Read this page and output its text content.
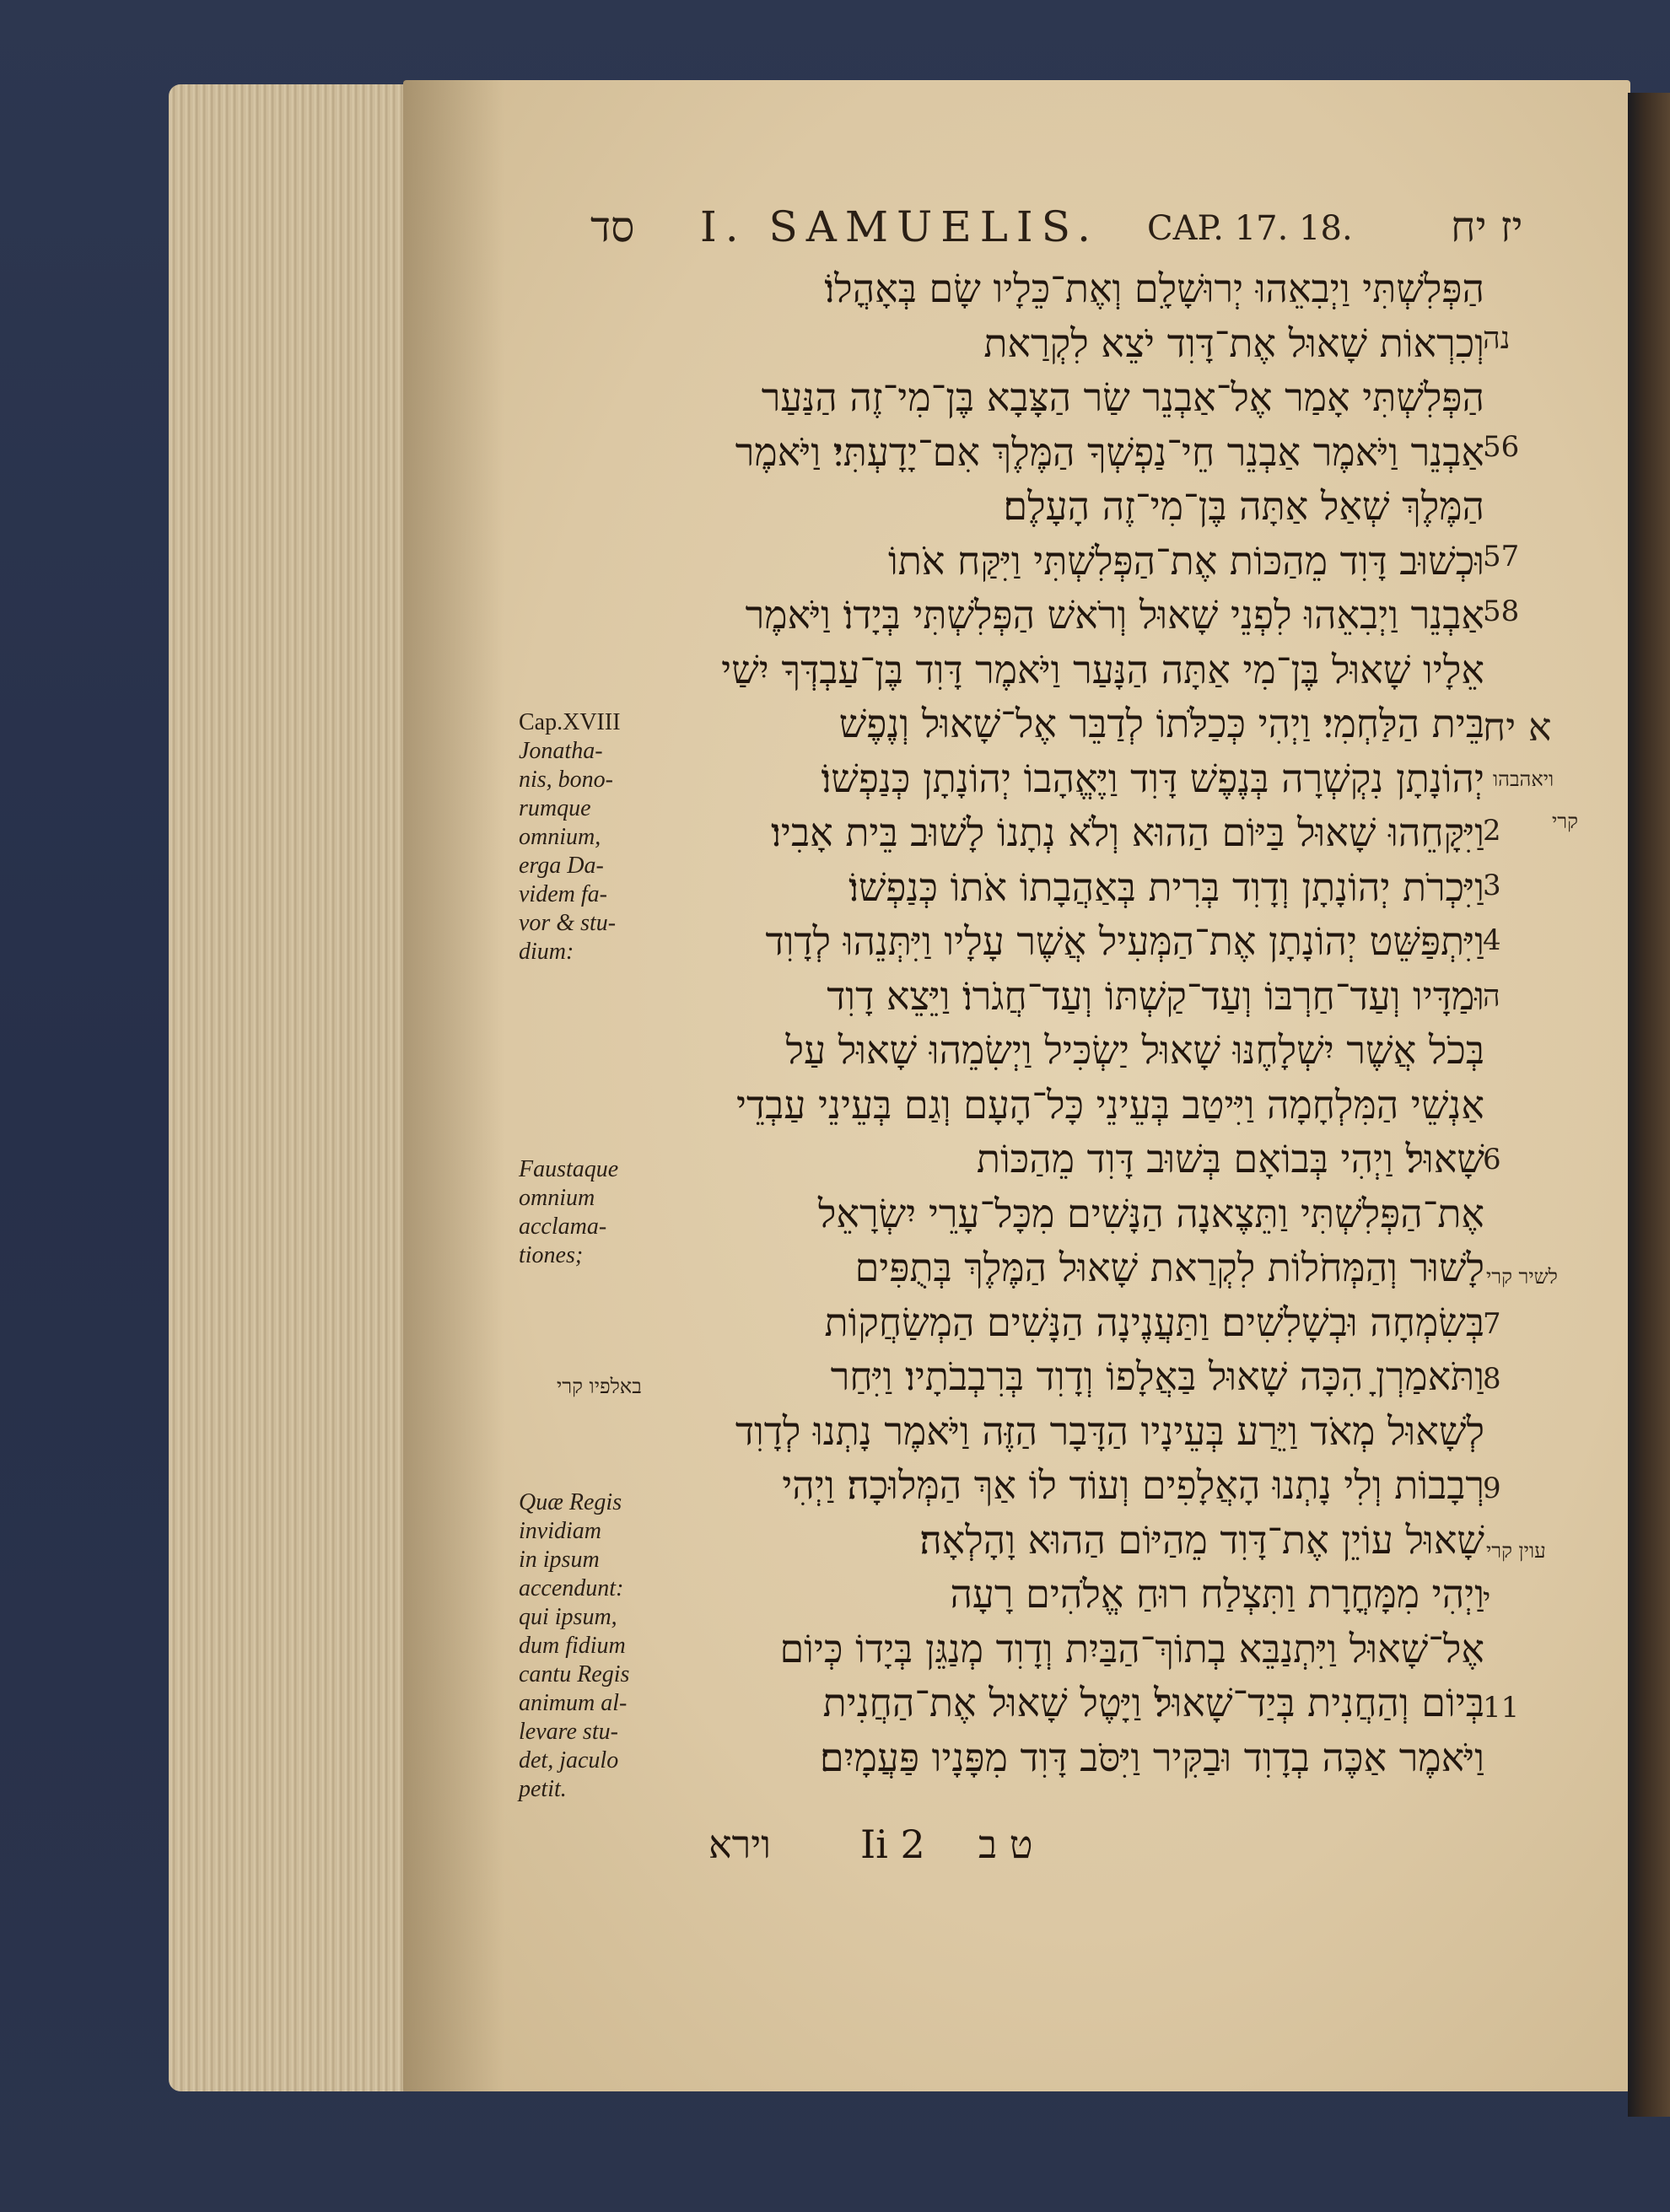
סד I. SAMUELIS. CAP. 17. 18. יז יח
הַפְּלִשְׁתִּי וַיְבִאֵהוּ יְרוּשָׁלִָם וְאֶת־כֵּלָיו שָׂם בְּאָהֳלוֹ׃
וְכִרְאוֹת שָׁאוּל אֶת־דָּוִד יֹצֵא לִקְרַאת
הַפְּלִשְׁתִּי אָמַר אֶל־אַבְנֵר שַׂר הַצָּבָא בֶּן־מִי־זֶה הַנַּעַר
אַבְנֵר וַיֹּאמֶר אַבְנֵר חֵי־נַפְשְׁךָ הַמֶּלֶךְ אִם־יָדָעְתִּי׃ וַיֹּאמֶר
הַמֶּלֶךְ שְׁאַל אַתָּה בֶּן־מִי־זֶה הָעָלֶם׃
וּכְשׁוּב דָּוִד מֵהַכּוֹת אֶת־הַפְּלִשְׁתִּי וַיִּקַּח אֹתוֹ
אַבְנֵר וַיְבִאֵהוּ לִפְנֵי שָׁאוּל וְרֹאשׁ הַפְּלִשְׁתִּי בְּיָדוֹ׃ וַיֹּאמֶר
אֵלָיו שָׁאוּל בֶּן־מִי אַתָּה הַנָּעַר וַיֹּאמֶר דָּוִד בֶּן־עַבְדְּךָ יִשַׁי
בֵּית הַלַּחְמִי׃ וַיְהִי כְּכַלֹּתוֹ לְדַבֵּר אֶל־שָׁאוּל וְנֶפֶשׁ
יְהוֹנָתָן נִקְשְׁרָה בְּנֶפֶשׁ דָּוִד וַיֶּאֱהָבוֹ יְהוֹנָתָן כְּנַפְשׁוֹ׃
וַיִּקָּחֵהוּ שָׁאוּל בַּיּוֹם הַהוּא וְלֹא נְתָנוֹ לָשׁוּב בֵּית אָבִיו׃
וַיִּכְרֹת יְהוֹנָתָן וְדָוִד בְּרִית בְּאַהֲבָתוֹ אֹתוֹ כְּנַפְשׁוֹ׃
וַיִּתְפַּשֵּׁט יְהוֹנָתָן אֶת־הַמְּעִיל אֲשֶׁר עָלָיו וַיִּתְּנֵהוּ לְדָוִד
וּמַדָּיו וְעַד־חַרְבּוֹ וְעַד־קַשְׁתּוֹ וְעַד־חֲגֹרוֹ׃ וַיֵּצֵא דָוִד
בְּכֹל אֲשֶׁר יִשְׁלָחֶנּוּ שָׁאוּל יַשְׂכִּיל וַיְשִׂמֵהוּ שָׁאוּל עַל
אַנְשֵׁי הַמִּלְחָמָה וַיִּיטַב בְּעֵינֵי כָּל־הָעָם וְגַם בְּעֵינֵי עַבְדֵי
שָׁאוּל׃ וַיְהִי בְּבוֹאָם בְּשׁוּב דָּוִד מֵהַכּוֹת
אֶת־הַפְּלִשְׁתִּי וַתֵּצֶאנָה הַנָּשִׁים מִכָּל־עָרֵי יִשְׂרָאֵל
לָשׁוּר וְהַמְּחֹלוֹת לִקְרַאת שָׁאוּל הַמֶּלֶךְ בְּתֻפִּים
בְּשִׂמְחָה וּבְשָׁלִשִׁים׃ וַתַּעֲנֶינָה הַנָּשִׁים הַמְשַׂחֲקוֹת
וַתֹּאמַרְןָ הִכָּה שָׁאוּל בַּאֲלָפוֹ וְדָוִד בְּרִבְבֹתָיו׃ וַיִּחַר
לְשָׁאוּל מְאֹד וַיֵּרַע בְּעֵינָיו הַדָּבָר הַזֶּה וַיֹּאמֶר נָתְנוּ לְדָוִד
רְבָבוֹת וְלִי נָתְנוּ הָאֲלָפִים וְעוֹד לוֹ אַךְ הַמְּלוּכָה׃ וַיְהִי
שָׁאוּל עוֹיֵן אֶת־דָּוִד מֵהַיּוֹם הַהוּא וָהָלְאָה׃
וַיְהִי מִמָּחֳרָת וַתִּצְלַח רוּחַ אֱלֹהִים רָעָה
אֶל־שָׁאוּל וַיִּתְנַבֵּא בְתוֹךְ־הַבַּיִת וְדָוִד מְנַגֵּן בְּיָדוֹ כְּיוֹם
בְּיוֹם וְהַחֲנִית בְּיַד־שָׁאוּל׃ וַיָּטֶל שָׁאוּל אֶת־הַחֲנִית
וַיֹּאמֶר אַכֶּה בְדָוִד וּבַקִּיר וַיִּסֹּב דָּוִד מִפָּנָיו פַּעֲמָיִם׃
נה
56
57
58
א יח
2
3
4
ה
6
7
8
9
י
11
ויאהבהו
קרי
לשיר קרי
באלפיו קרי
עוין קרי
Cap.XVIII
Jonatha-
nis, bono-
rumque
omnium,
erga Da-
videm fa-
vor & stu-
dium:
Faustaque
omnium
acclama-
tiones;
Quæ Regis
invidiam
in ipsum
accendunt:
qui ipsum,
dum fidium
cantu Regis
animum al-
levare stu-
det, jaculo
petit.
וירא Ii 2 ט ב
